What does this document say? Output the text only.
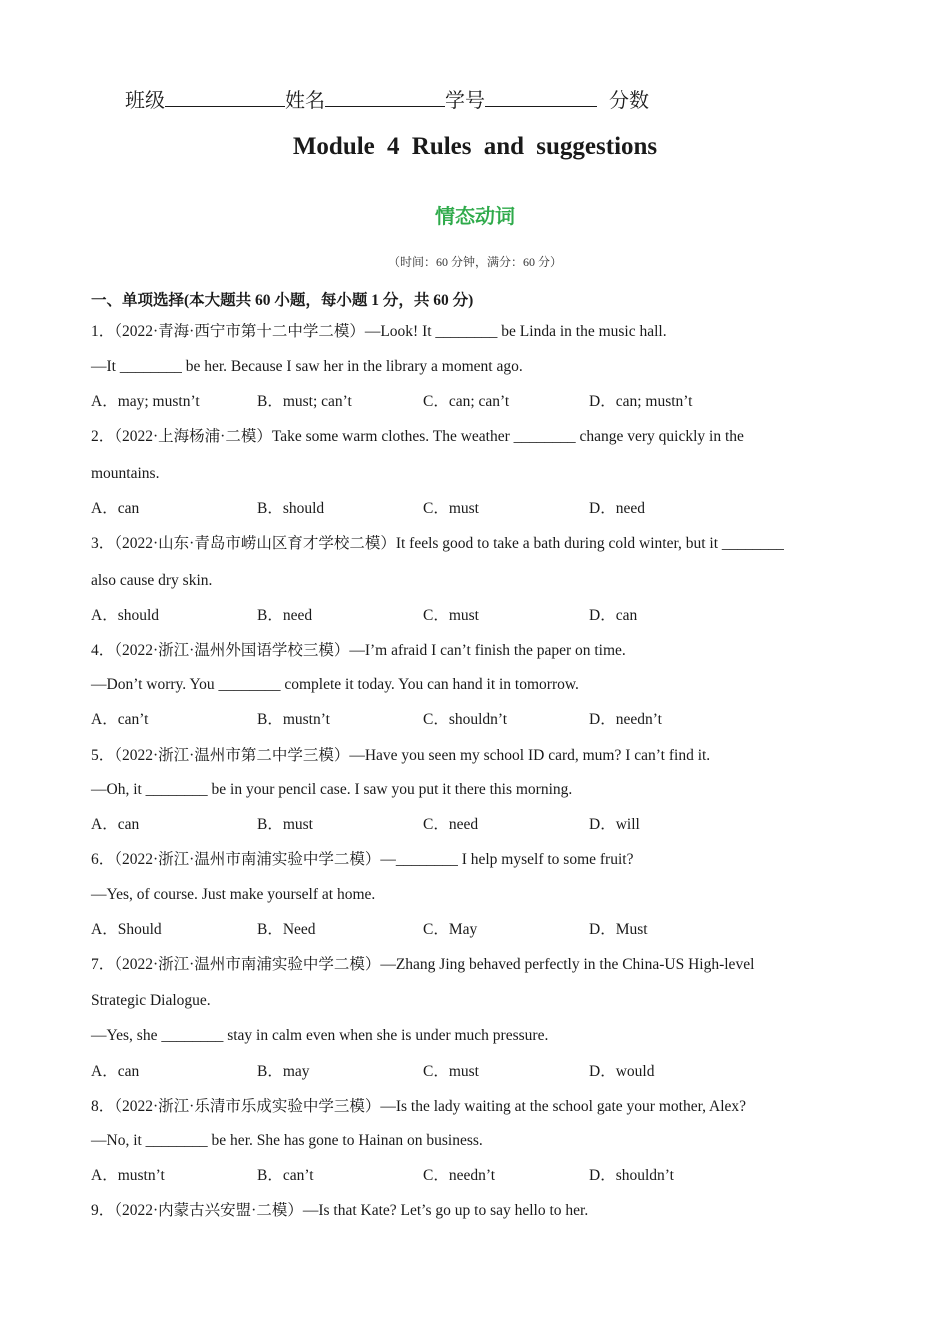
班级	姓名	学号	分数
Module 4 Rules and suggestions
情态动词
（时间：60 分钟，满分：60 分）
一、单项选择(本大题共 60 小题，每小题 1 分，共 60 分)
1．（2022·青海·西宁市第十二中学二模）—Look! It ________ be Linda in the music hall.
—It ________ be her. Because I saw her in the library a moment ago.
A．may; mustn’t	B．must; can’t	C．can; can’t	D．can; mustn’t
2．（2022·上海杨浦·二模）Take some warm clothes. The weather ________ change very quickly in the
mountains.
A．can	B．should	C．must	D．need
3．（2022·山东·青岛市崂山区育才学校二模）It feels good to take a bath during cold winter, but it ________
also cause dry skin.
A．should	B．need	C．must	D．can
4．（2022·浙江·温州外国语学校三模）—I’m afraid I can’t finish the paper on time.
—Don’t worry. You ________ complete it today. You can hand it in tomorrow.
A．can’t	B．mustn’t	C．shouldn’t	D．needn’t
5．（2022·浙江·温州市第二中学三模）—Have you seen my school ID card, mum? I can’t find it.
—Oh, it ________ be in your pencil case. I saw you put it there this morning.
A．can	B．must	C．need	D．will
6．（2022·浙江·温州市南浦实验中学二模）—________ I help myself to some fruit?
—Yes, of course. Just make yourself at home.
A．Should	B．Need	C．May	D．Must
7．（2022·浙江·温州市南浦实验中学二模）—Zhang Jing behaved perfectly in the China-US High-level
Strategic Dialogue.
—Yes, she ________ stay in calm even when she is under much pressure.
A．can	B．may	C．must	D．would
8．（2022·浙江·乐清市乐成实验中学三模）—Is the lady waiting at the school gate your mother, Alex?
—No, it ________ be her. She has gone to Hainan on business.
A．mustn’t	B．can’t	C．needn’t	D．shouldn’t
9．（2022·内蒙古兴安盟·二模）—Is that Kate? Let’s go up to say hello to her.
